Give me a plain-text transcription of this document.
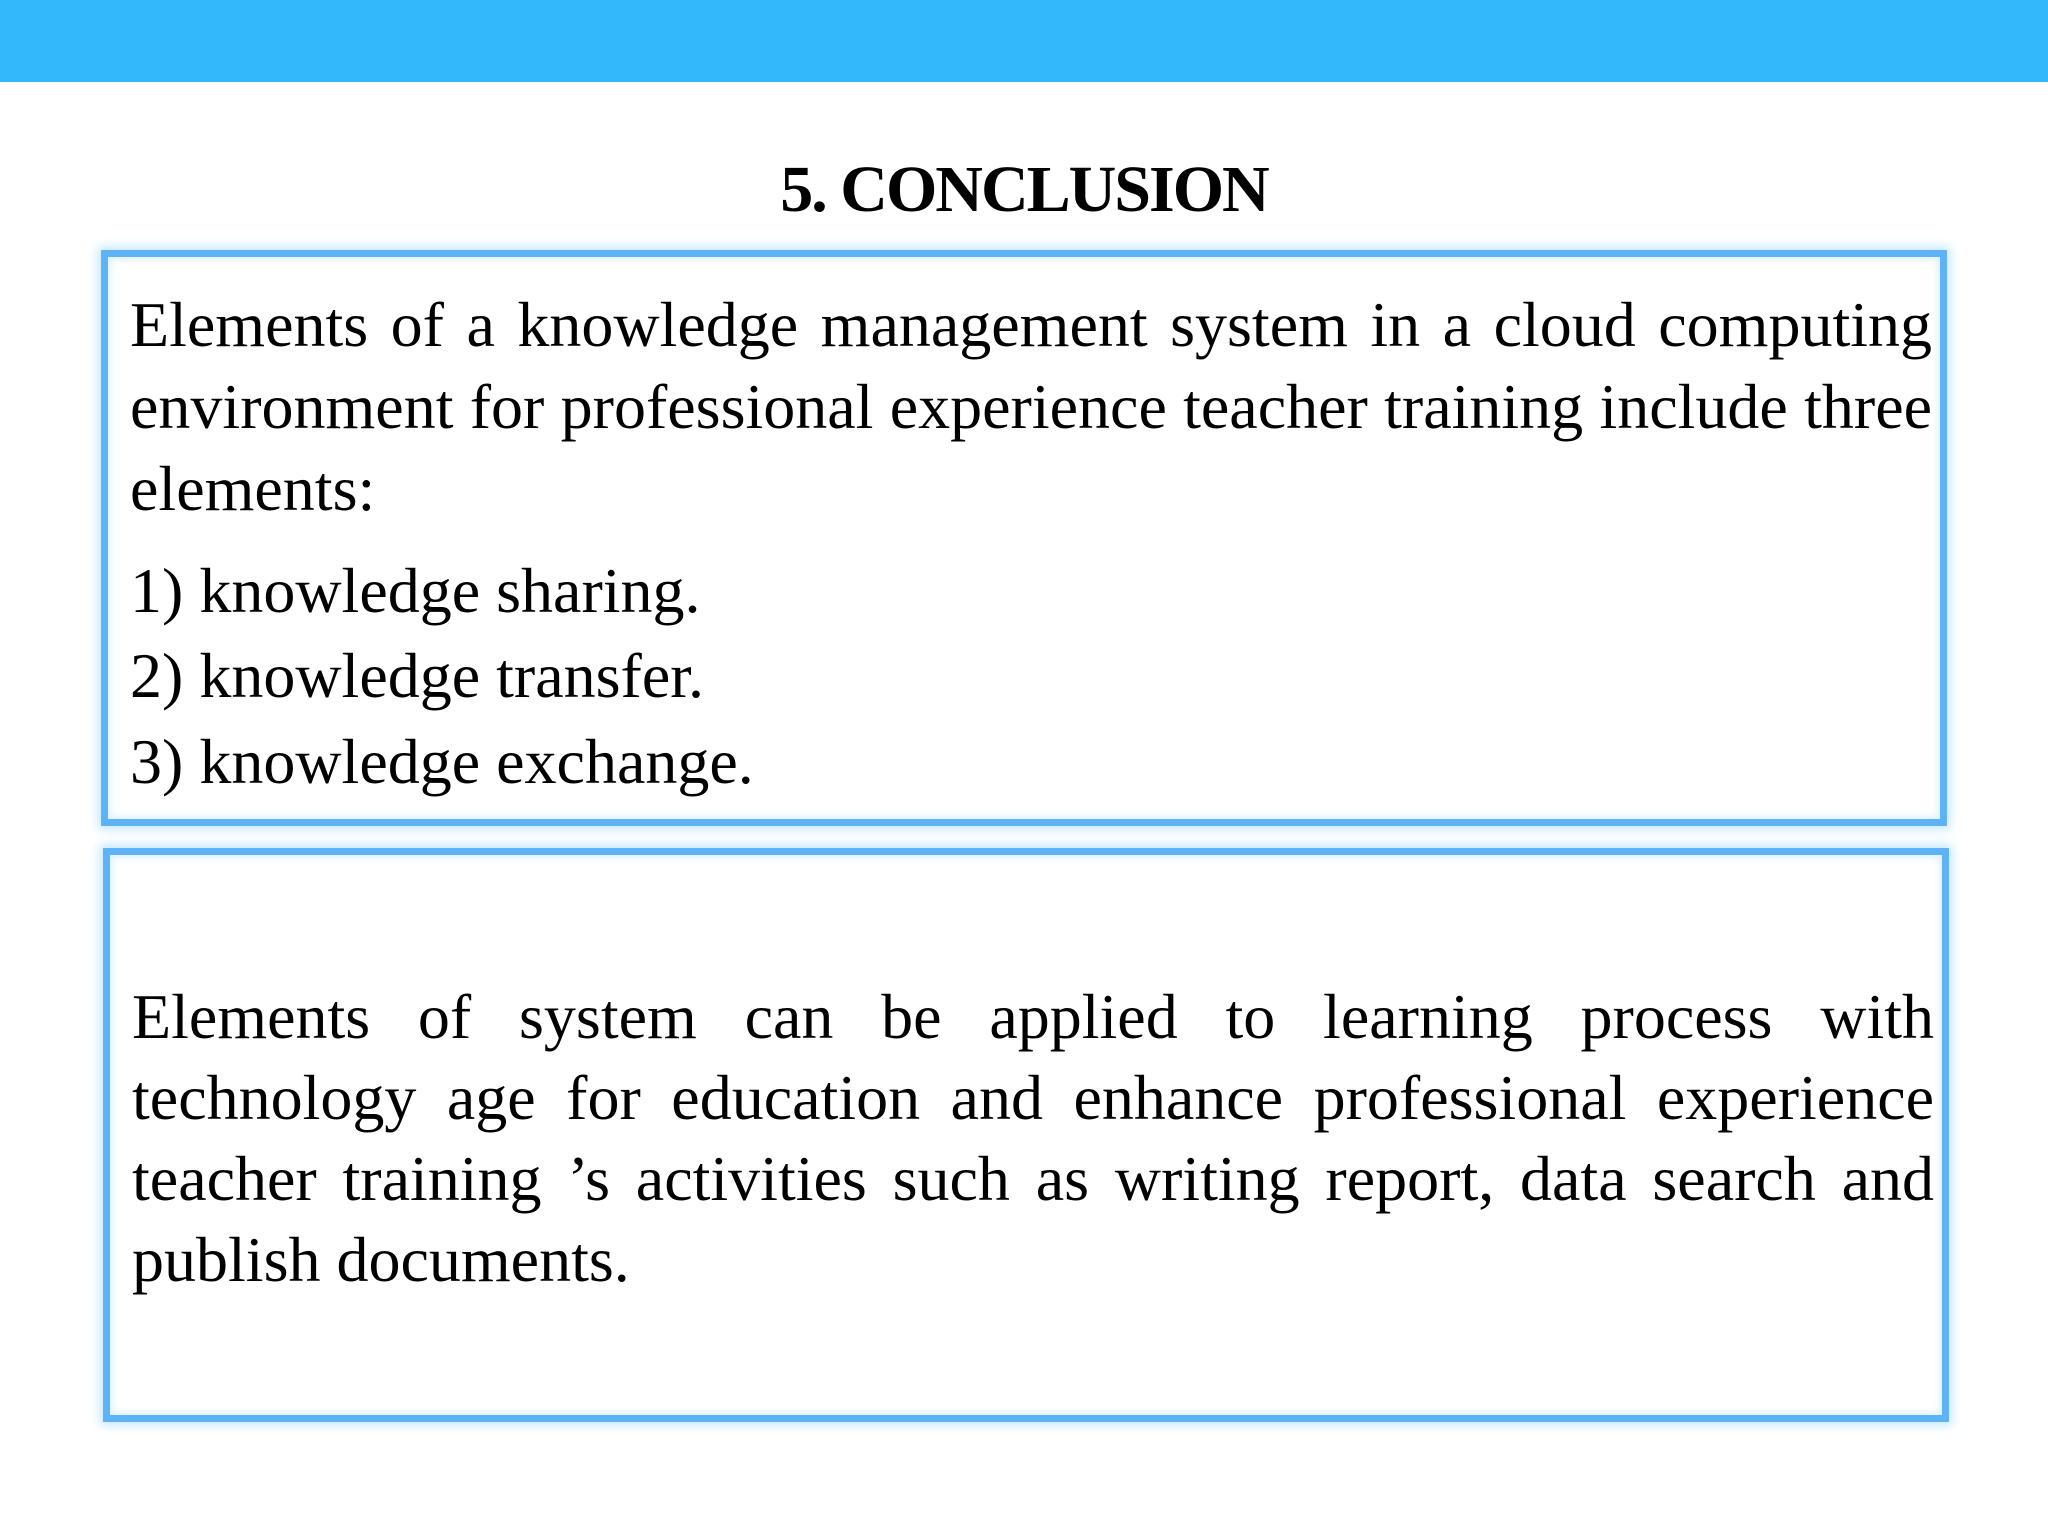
5. CONCLUSION

Elements of a knowledge management system in a cloud computing environment for professional experience teacher training include three elements:

1) knowledge sharing.
2) knowledge transfer.
3) knowledge exchange.

Elements of system can be applied to learning process with technology age for education and enhance professional experience teacher training ’s activities such as writing report, data search and publish documents.
